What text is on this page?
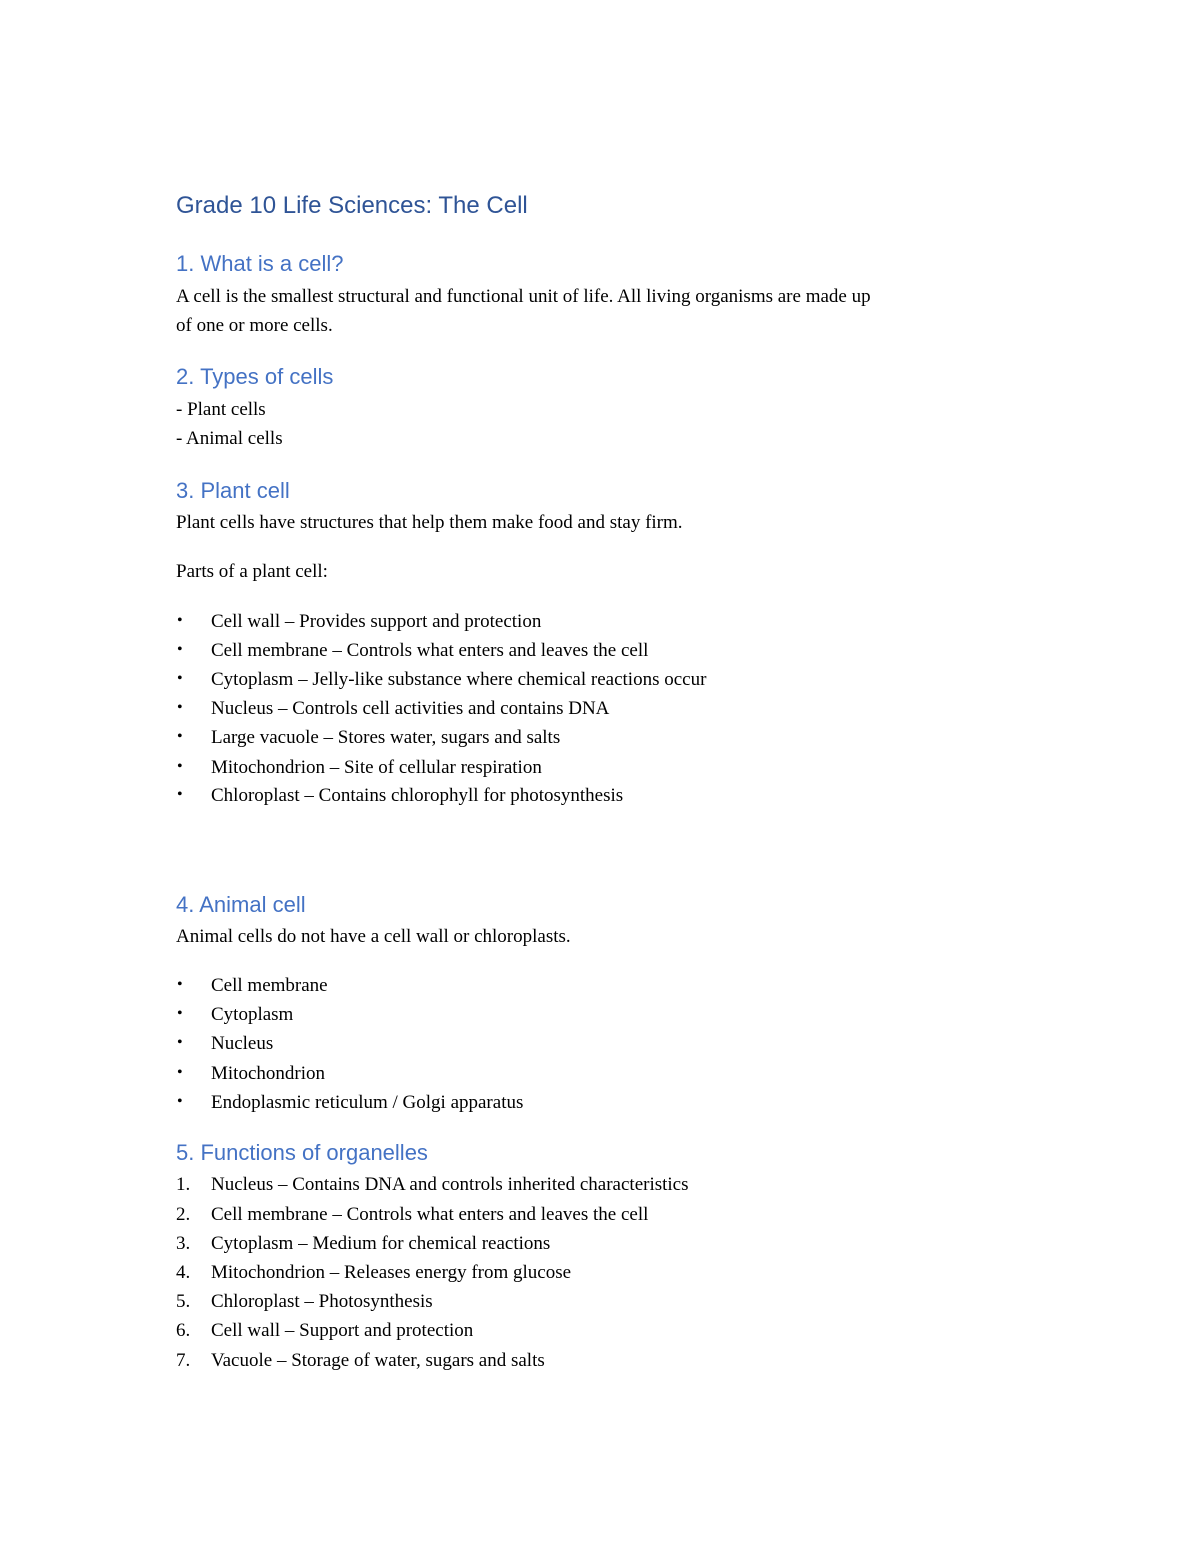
Grade 10 Life Sciences: The Cell
1. What is a cell?
A cell is the smallest structural and functional unit of life. All living organisms are made up
of one or more cells.
2. Types of cells
- Plant cells
- Animal cells
3. Plant cell
Plant cells have structures that help them make food and stay firm.
Parts of a plant cell:
• Cell wall – Provides support and protection
• Cell membrane – Controls what enters and leaves the cell
• Cytoplasm – Jelly-like substance where chemical reactions occur
• Nucleus – Controls cell activities and contains DNA
• Large vacuole – Stores water, sugars and salts
• Mitochondrion – Site of cellular respiration
• Chloroplast – Contains chlorophyll for photosynthesis
4. Animal cell
Animal cells do not have a cell wall or chloroplasts.
• Cell membrane
• Cytoplasm
• Nucleus
• Mitochondrion
• Endoplasmic reticulum / Golgi apparatus
5. Functions of organelles
1. Nucleus – Contains DNA and controls inherited characteristics
2. Cell membrane – Controls what enters and leaves the cell
3. Cytoplasm – Medium for chemical reactions
4. Mitochondrion – Releases energy from glucose
5. Chloroplast – Photosynthesis
6. Cell wall – Support and protection
7. Vacuole – Storage of water, sugars and salts
